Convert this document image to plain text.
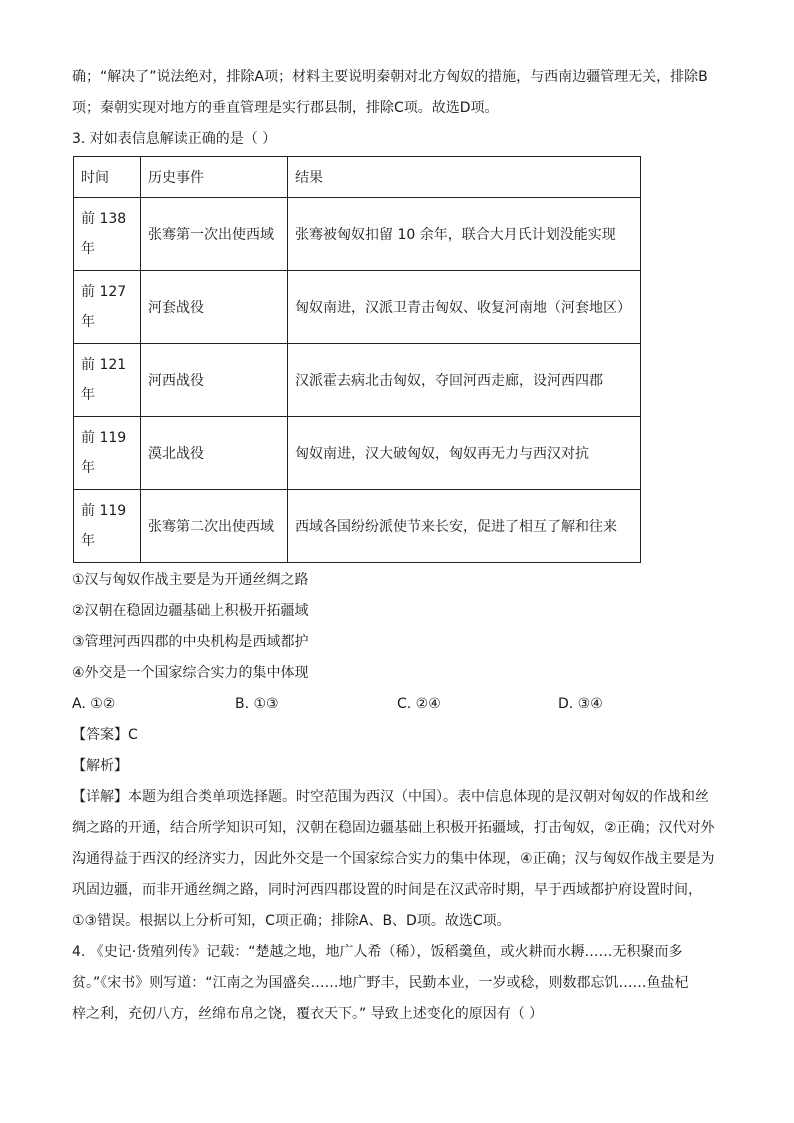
确；“解决了”说法绝对，排除A项；材料主要说明秦朝对北方匈奴的措施，与西南边疆管理无关，排除B
项；秦朝实现对地方的垂直管理是实行郡县制，排除C项。故选D项。
3. 对如表信息解读正确的是（ ）
时间	历史事件	结果

前 138
年	张骞第一次出使西域	张骞被匈奴扣留 10 余年，联合大月氏计划没能实现

前 127
年	河套战役	匈奴南进，汉派卫青击匈奴、收复河南地（河套地区）

前 121
年	河西战役	汉派霍去病北击匈奴，夺回河西走廊，设河西四郡

前 119
年	漠北战役	匈奴南进，汉大破匈奴，匈奴再无力与西汉对抗

前 119
年	张骞第二次出使西域	西域各国纷纷派使节来长安，促进了相互了解和往来
①汉与匈奴作战主要是为开通丝绸之路
②汉朝在稳固边疆基础上积极开拓疆域
③管理河西四郡的中央机构是西域都护
④外交是一个国家综合实力的集中体现
A. ①②	B. ①③	C. ②④	D. ③④
【答案】C
【解析】
【详解】本题为组合类单项选择题。时空范围为西汉（中国）。表中信息体现的是汉朝对匈奴的作战和丝
绸之路的开通，结合所学知识可知，汉朝在稳固边疆基础上积极开拓疆域，打击匈奴，②正确；汉代对外
沟通得益于西汉的经济实力，因此外交是一个国家综合实力的集中体现，④正确；汉与匈奴作战主要是为
巩固边疆，而非开通丝绸之路，同时河西四郡设置的时间是在汉武帝时期，早于西域都护府设置时间，
①③错误。根据以上分析可知，C项正确；排除A、B、D项。故选C项。
4. 《史记·货殖列传》记载：“楚越之地，地广人希（稀），饭稻羹鱼，或火耕而水耨……无积聚而多
贫。”《宋书》则写道：“江南之为国盛矣……地广野丰，民勤本业，一岁或稔，则数郡忘饥……鱼盐杞
梓之利，充仞八方，丝绵布帛之饶，覆衣天下。” 导致上述变化的原因有（ ）
